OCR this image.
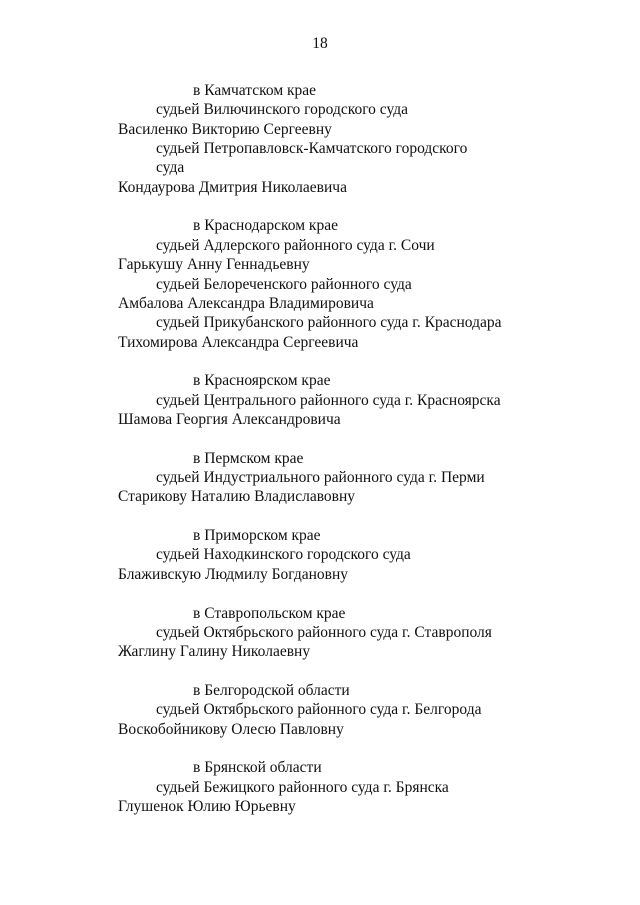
18
в Камчатском крае
судьей Вилючинского городского суда
Василенко Викторию Сергеевну
судьей Петропавловск-Камчатского городского
суда
Кондаурова Дмитрия Николаевича
в Краснодарском крае
судьей Адлерского районного суда г. Сочи
Гарькушу Анну Геннадьевну
судьей Белореченского районного суда
Амбалова Александра Владимировича
судьей Прикубанского районного суда г. Краснодара
Тихомирова Александра Сергеевича
в Красноярском крае
судьей Центрального районного суда г. Красноярска
Шамова Георгия Александровича
в Пермском крае
судьей Индустриального районного суда г. Перми
Старикову Наталию Владиславовну
в Приморском крае
судьей Находкинского городского суда
Блаживскую Людмилу Богдановну
в Ставропольском крае
судьей Октябрьского районного суда г. Ставрополя
Жаглину Галину Николаевну
в Белгородской области
судьей Октябрьского районного суда г. Белгорода
Воскобойникову Олесю Павловну
в Брянской области
судьей Бежицкого районного суда г. Брянска
Глушенок Юлию Юрьевну
